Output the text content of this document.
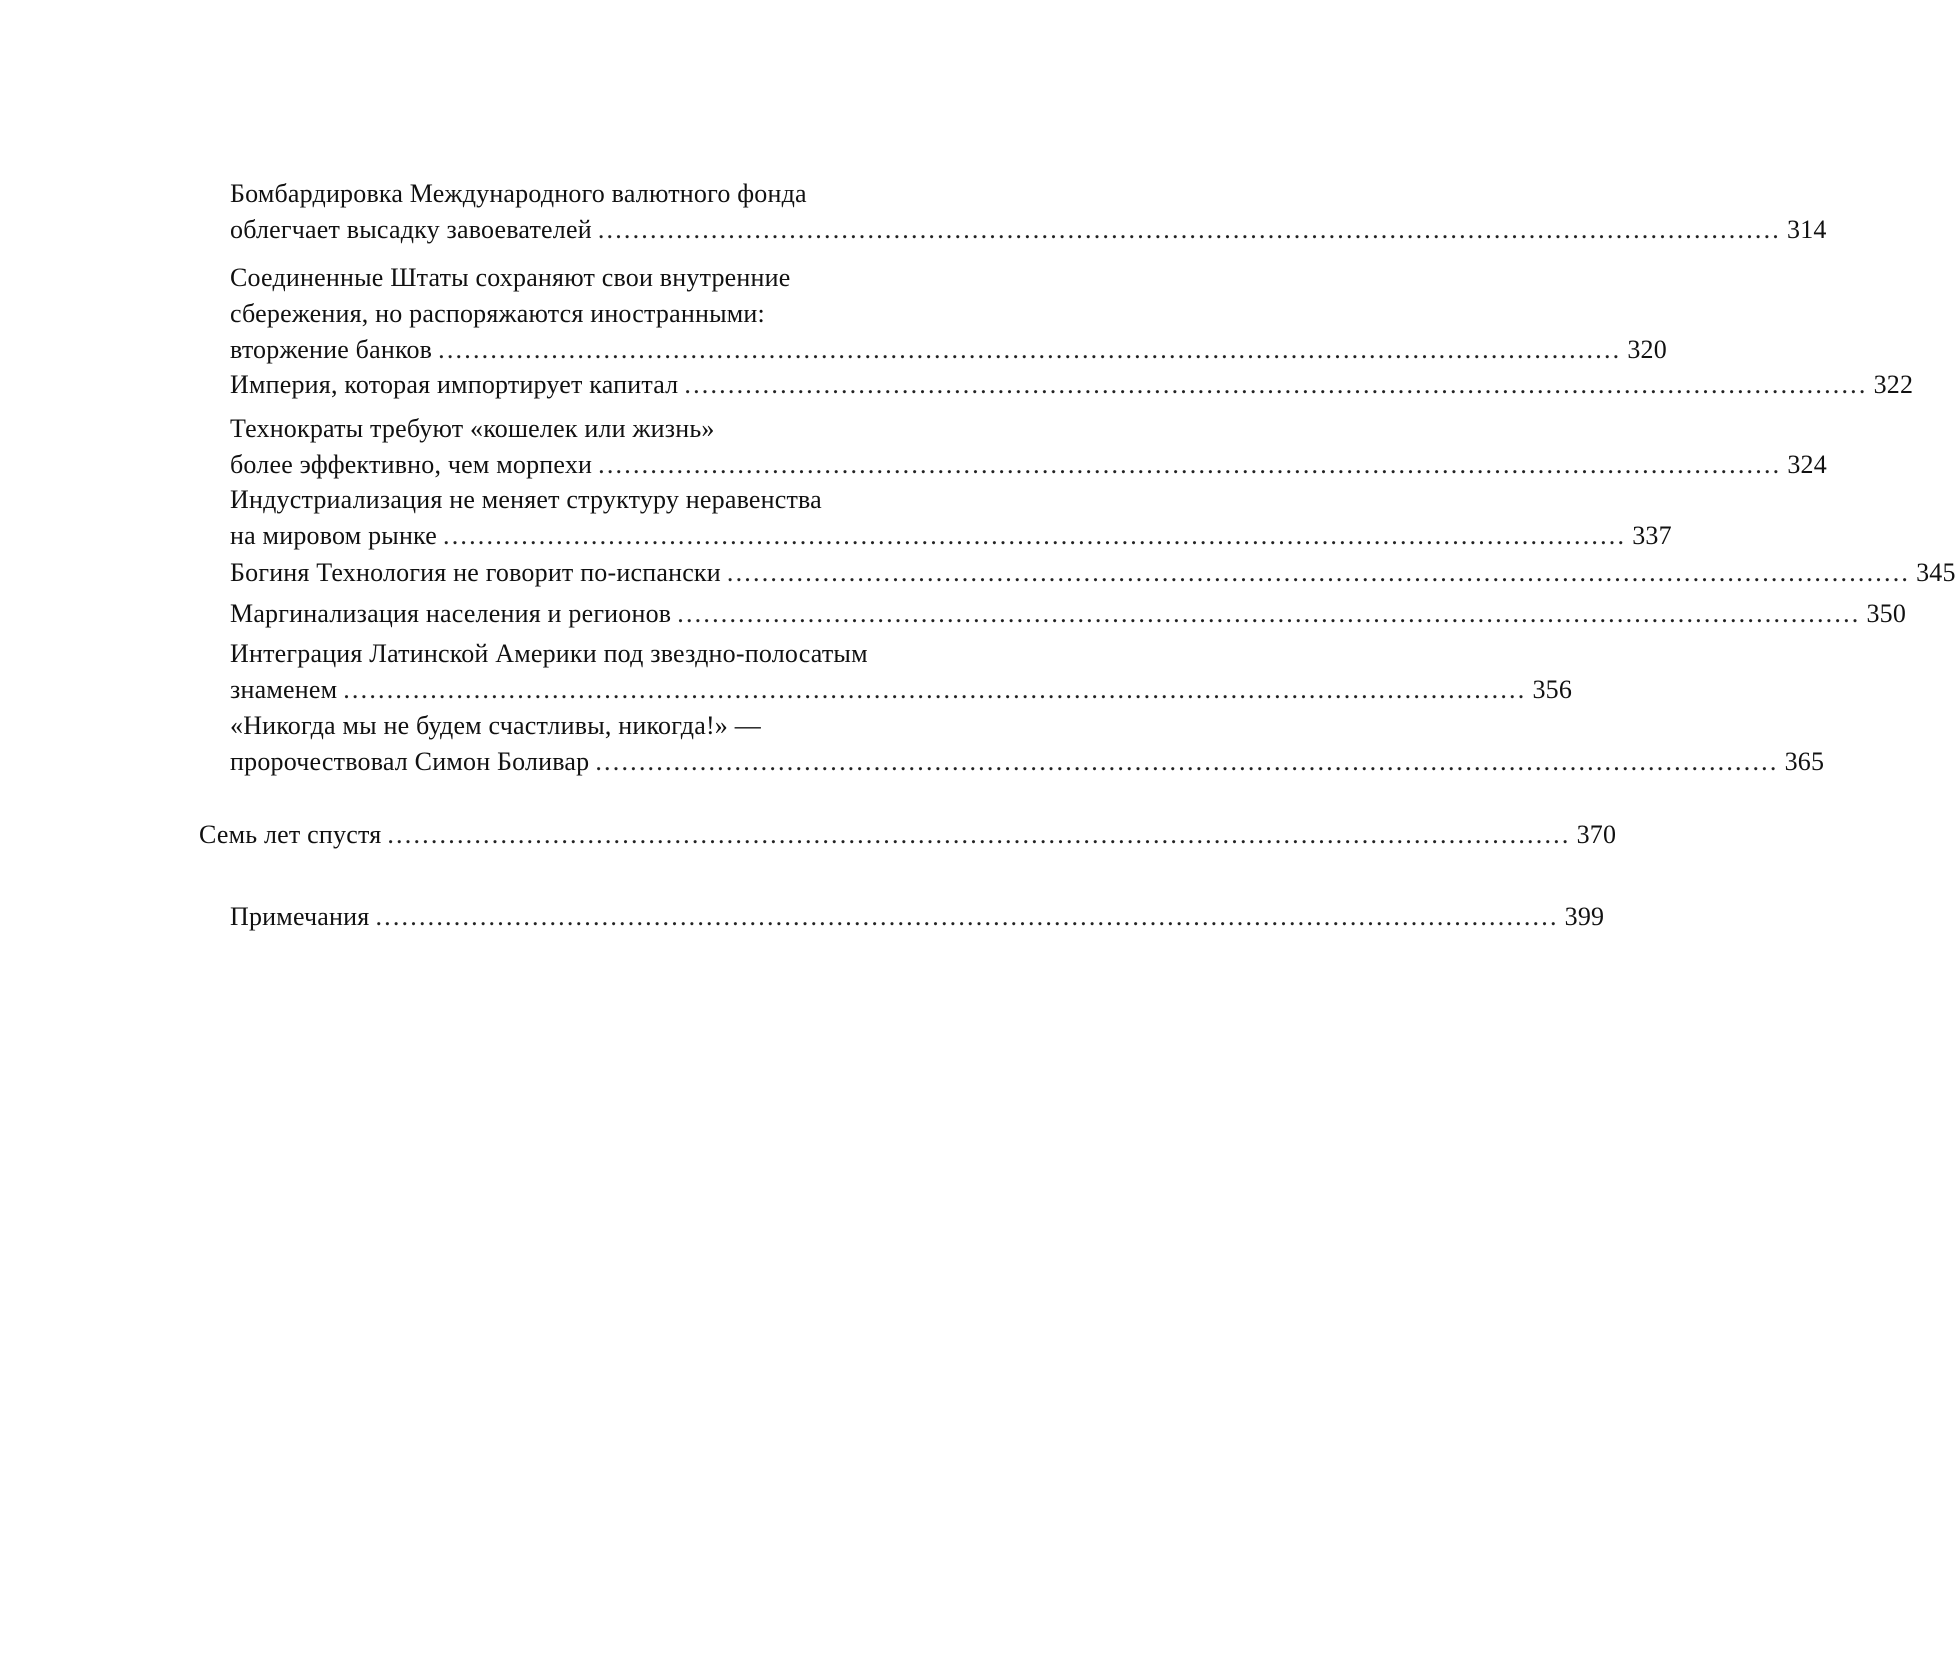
Бомбардировка Международного валютного фонда
облегчает высадку завоевателей ........................................................................................................................................ 314
Соединенные Штаты сохраняют свои внутренние
сбережения, но распоряжаются иностранными:
вторжение банков ........................................................................................................................................ 320
Империя, которая импортирует капитал ........................................................................................................................................ 322
Технократы требуют «кошелек или жизнь»
более эффективно, чем морпехи ........................................................................................................................................ 324
Индустриализация не меняет структуру неравенства
на мировом рынке ........................................................................................................................................ 337
Богиня Технология не говорит по-испански ........................................................................................................................................ 345
Маргинализация населения и регионов ........................................................................................................................................ 350
Интеграция Латинской Америки под звездно-полосатым
знаменем ........................................................................................................................................ 356
«Никогда мы не будем счастливы, никогда!» —
пророчествовал Симон Боливар ........................................................................................................................................ 365
Семь лет спустя ........................................................................................................................................ 370
Примечания ........................................................................................................................................ 399
